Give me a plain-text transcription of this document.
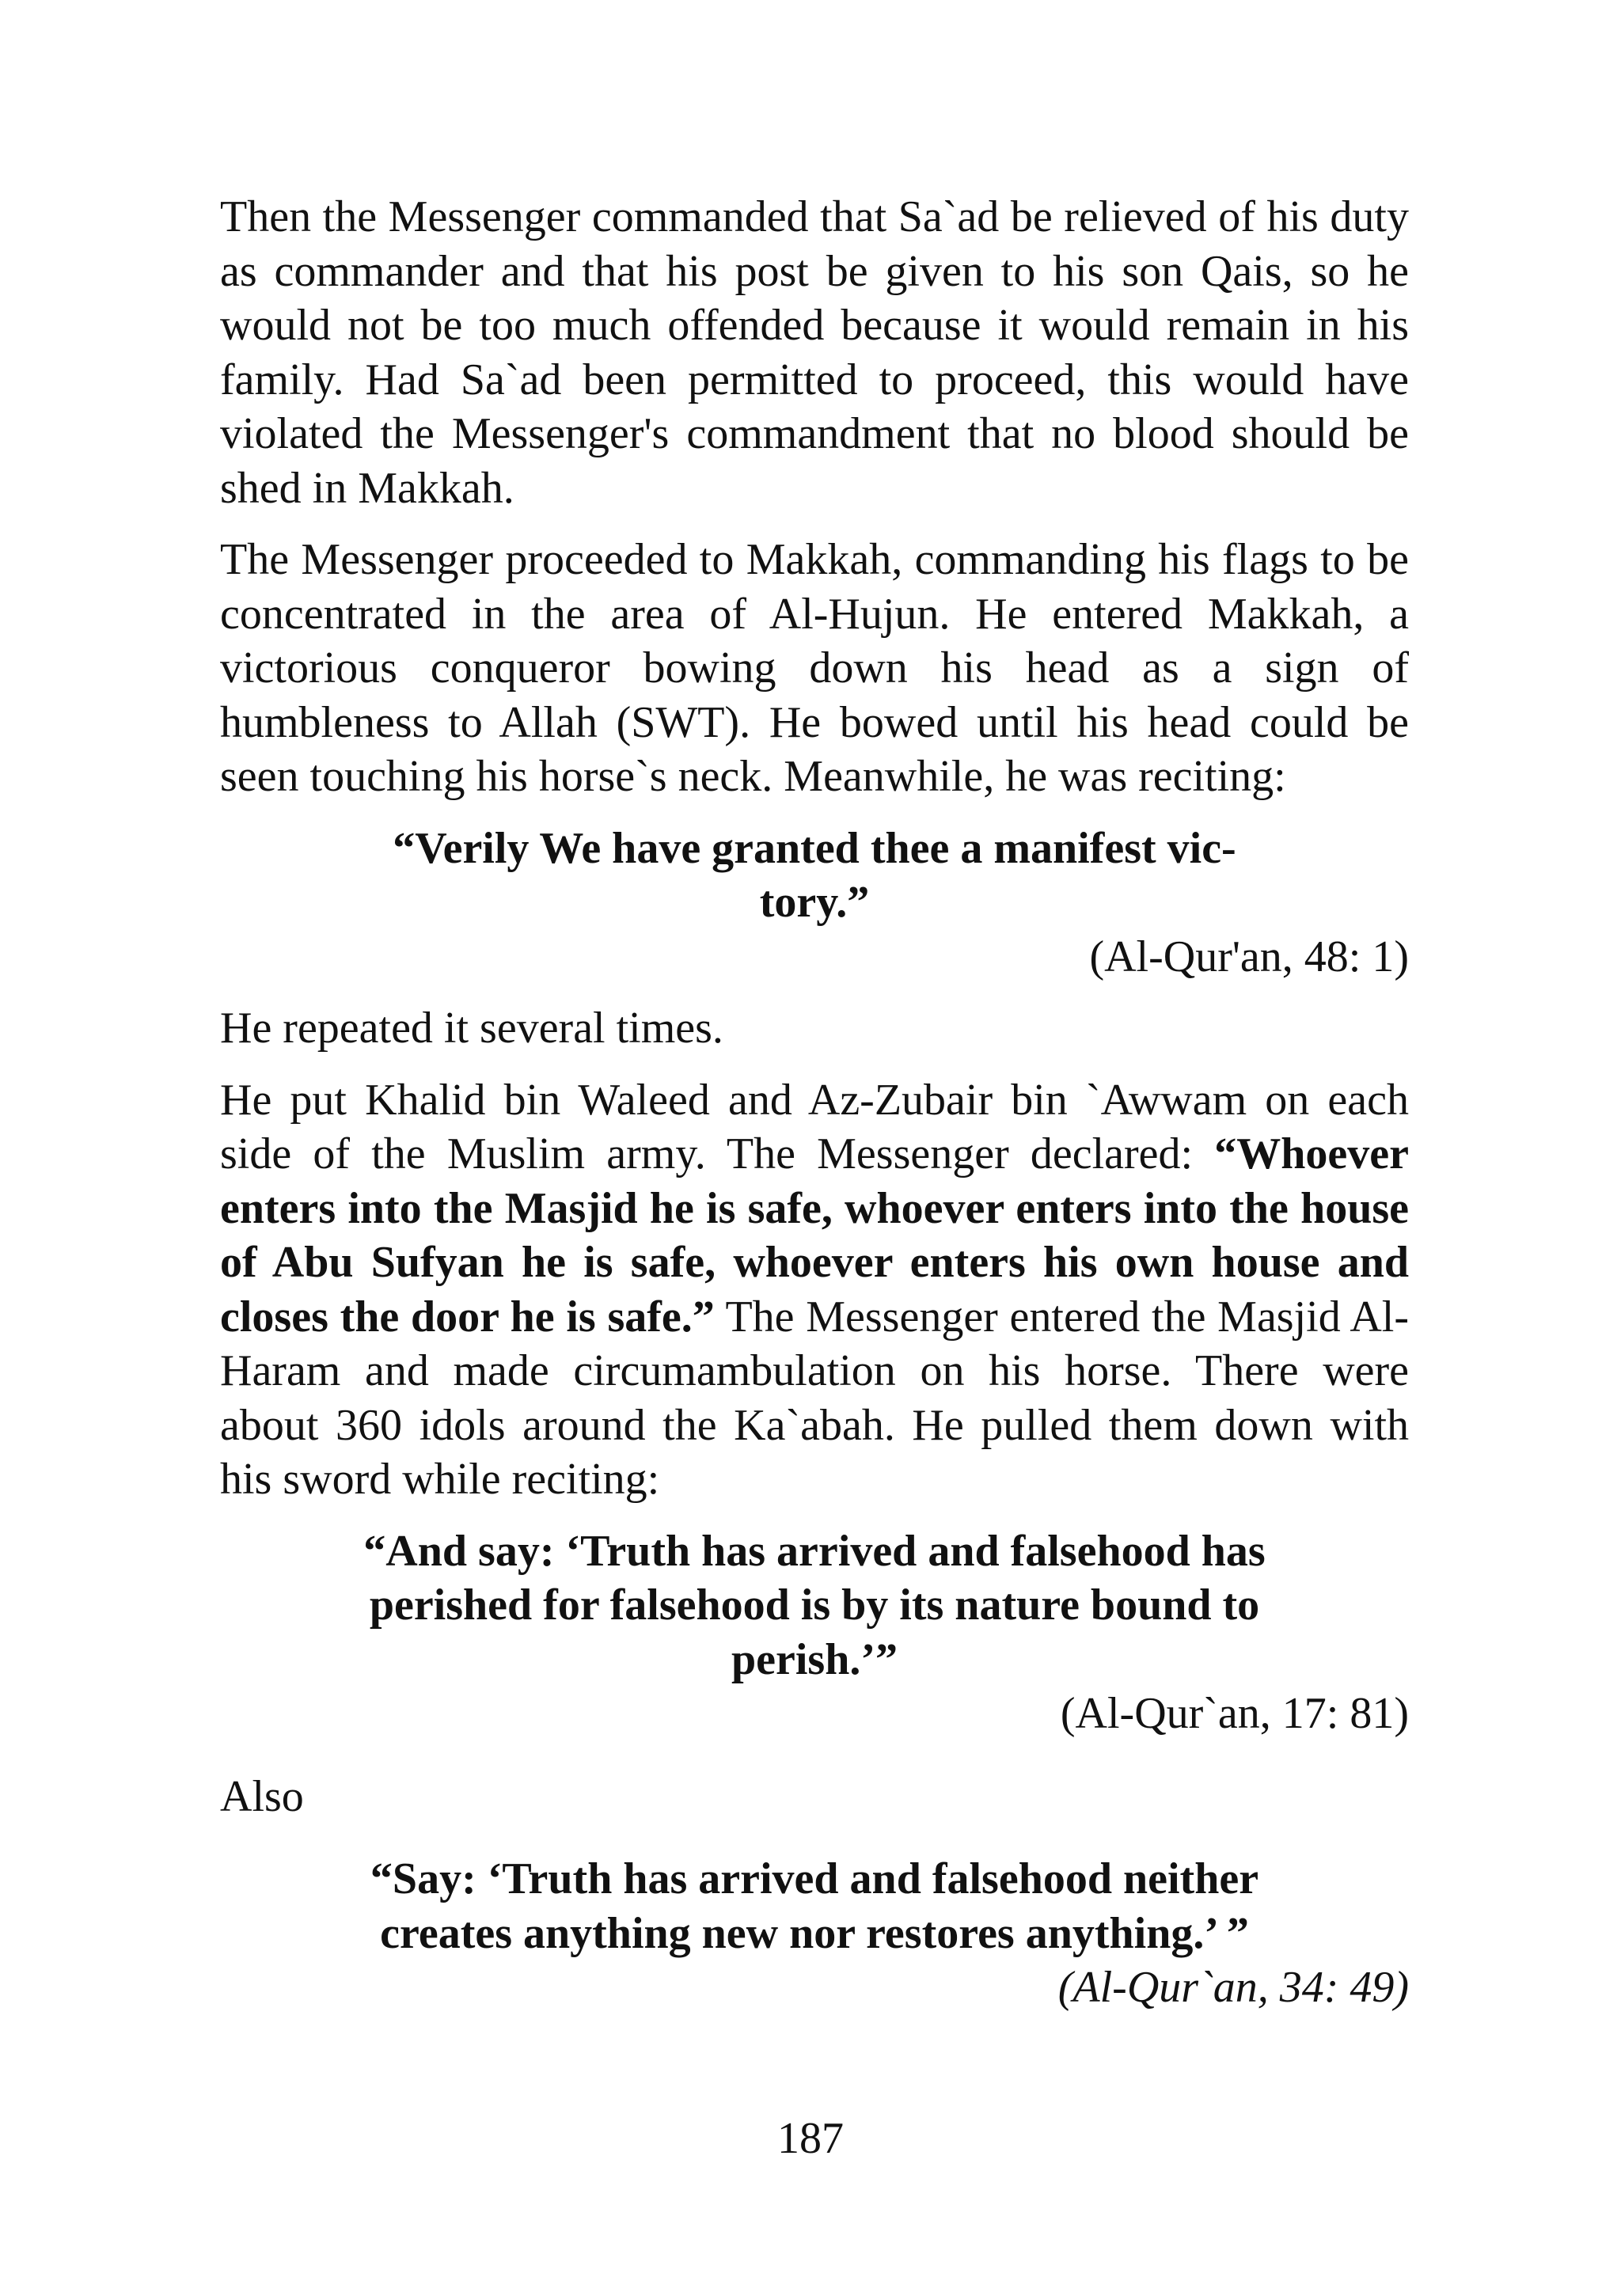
Then the Messenger commanded that Sa`ad be relieved of his duty as commander and that his post be given to his son Qais, so he would not be too much offended because it would remain in his family. Had Sa`ad been permitted to proceed, this would have violated the Messenger's commandment that no blood should be shed in Makkah.

The Messenger proceeded to Makkah, commanding his flags to be concentrated in the area of Al-Hujun. He entered Makkah, a victorious conqueror bowing down his head as a sign of humbleness to Allah (SWT). He bowed until his head could be seen touching his horse`s neck. Meanwhile, he was reciting:

“Verily We have granted thee a manifest vic-

tory.”

(Al-Qur'an, 48: 1)

He repeated it several times.

He put Khalid bin Waleed and Az-Zubair bin `Awwam on each side of the Muslim army. The Messenger declared: “Whoever enters into the Masjid he is safe, whoever enters into the house of Abu Sufyan he is safe, whoever enters his own house and closes the door he is safe.” The Messenger entered the Masjid Al-Haram and made circumambulation on his horse. There were about 360 idols around the Ka`abah. He pulled them down with his sword while reciting:

“And say: ‘Truth has arrived and falsehood has perished for falsehood is by its nature bound to perish.’”

(Al-Qur`an, 17: 81)

Also

“Say: ‘Truth has arrived and falsehood neither creates anything new nor restores anything.’ ”

(Al-Qur`an, 34: 49)

187
